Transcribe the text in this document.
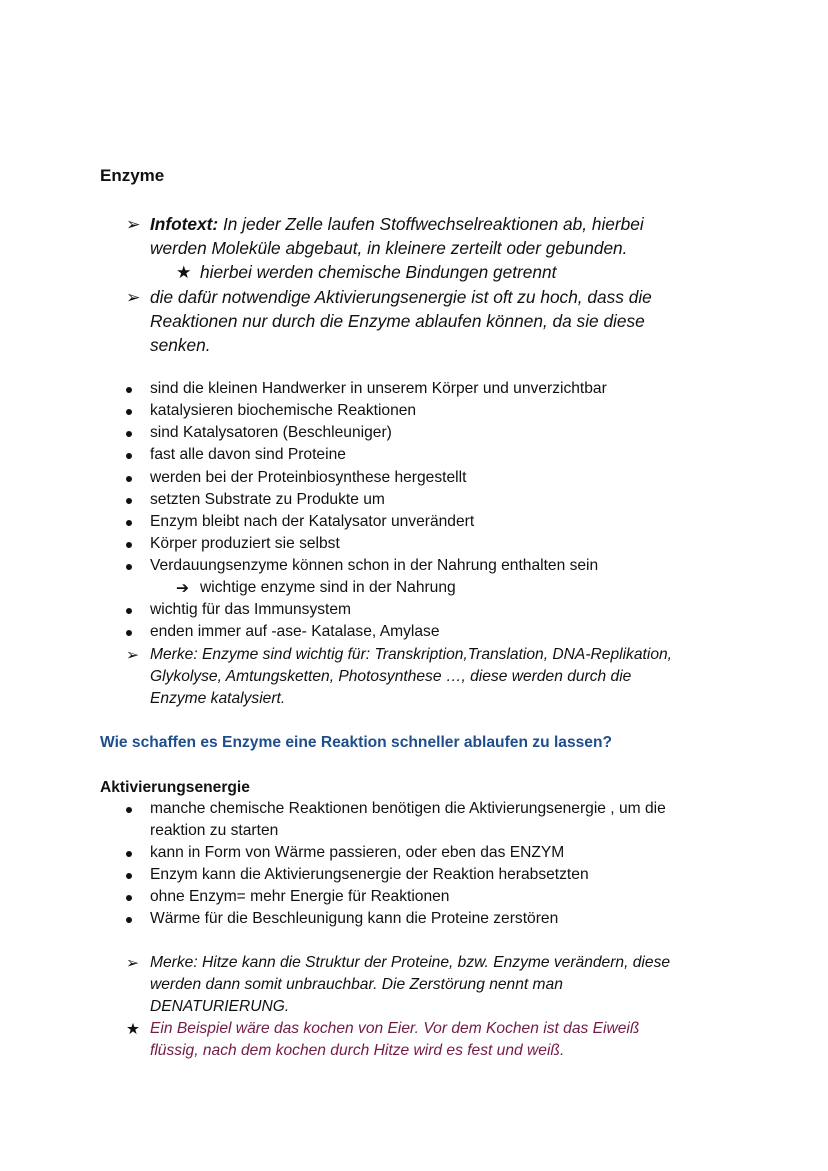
Enzyme
➢ Infotext: In jeder Zelle laufen Stoffwechselreaktionen ab, hierbei
werden Moleküle abgebaut, in kleinere zerteilt oder gebunden.
★ hierbei werden chemische Bindungen getrennt
➢ die dafür notwendige Aktivierungsenergie ist oft zu hoch, dass die
Reaktionen nur durch die Enzyme ablaufen können, da sie diese
senken.
sind die kleinen Handwerker in unserem Körper und unverzichtbar
katalysieren biochemische Reaktionen
sind Katalysatoren (Beschleuniger)
fast alle davon sind Proteine
werden bei der Proteinbiosynthese hergestellt
setzten Substrate zu Produkte um
Enzym bleibt nach der Katalysator unverändert
Körper produziert sie selbst
Verdauungsenzyme können schon in der Nahrung enthalten sein
➔ wichtige enzyme sind in der Nahrung
wichtig für das Immunsystem
enden immer auf -ase- Katalase, Amylase
➢ Merke: Enzyme sind wichtig für: Transkription,Translation, DNA-Replikation,
Glykolyse, Amtungsketten, Photosynthese …, diese werden durch die
Enzyme katalysiert.
Wie schaffen es Enzyme eine Reaktion schneller ablaufen zu lassen?
Aktivierungsenergie
manche chemische Reaktionen benötigen die Aktivierungsenergie , um die
reaktion zu starten
kann in Form von Wärme passieren, oder eben das ENZYM
Enzym kann die Aktivierungsenergie der Reaktion herabsetzten
ohne Enzym= mehr Energie für Reaktionen
Wärme für die Beschleunigung kann die Proteine zerstören
➢ Merke: Hitze kann die Struktur der Proteine, bzw. Enzyme verändern, diese
werden dann somit unbrauchbar. Die Zerstörung nennt man
DENATURIERUNG.
★ Ein Beispiel wäre das kochen von Eier. Vor dem Kochen ist das Eiweiß
flüssig, nach dem kochen durch Hitze wird es fest und weiß.
